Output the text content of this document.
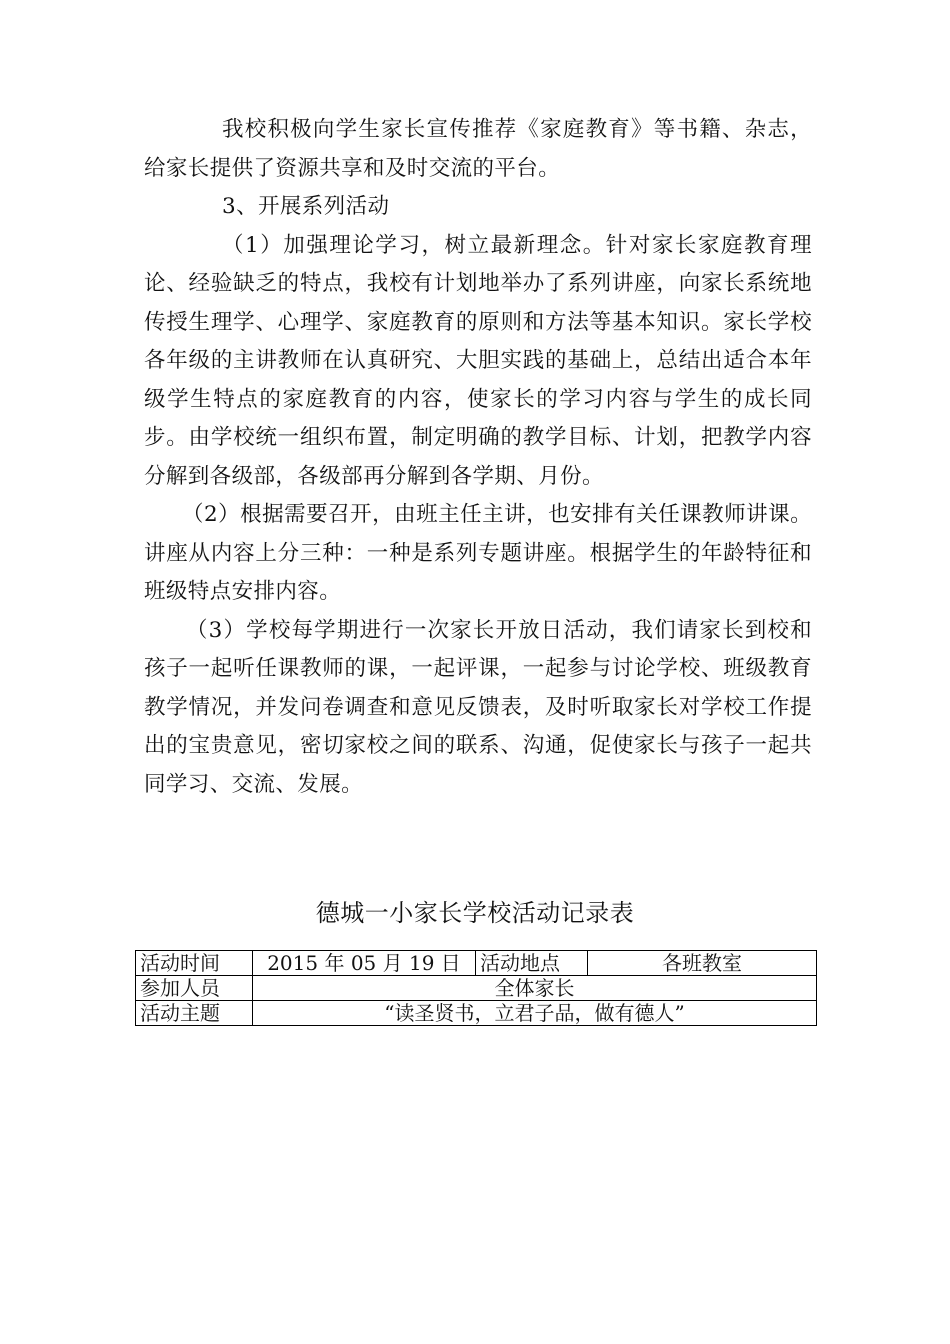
我校积极向学生家长宣传推荐《家庭教育》等书籍、杂志，给家长提供了资源共享和及时交流的平台。

3、开展系列活动

（1）加强理论学习，树立最新理念。针对家长家庭教育理论、经验缺乏的特点，我校有计划地举办了系列讲座，向家长系统地传授生理学、心理学、家庭教育的原则和方法等基本知识。家长学校各年级的主讲教师在认真研究、大胆实践的基础上，总结出适合本年级学生特点的家庭教育的内容，使家长的学习内容与学生的成长同步。由学校统一组织布置，制定明确的教学目标、计划，把教学内容分解到各级部，各级部再分解到各学期、月份。

（2）根据需要召开，由班主任主讲，也安排有关任课教师讲课。讲座从内容上分三种：一种是系列专题讲座。根据学生的年龄特征和班级特点安排内容。

（3）学校每学期进行一次家长开放日活动，我们请家长到校和孩子一起听任课教师的课，一起评课，一起参与讨论学校、班级教育教学情况，并发问卷调查和意见反馈表，及时听取家长对学校工作提出的宝贵意见，密切家校之间的联系、沟通，促使家长与孩子一起共同学习、交流、发展。

德城一小家长学校活动记录表
活动时间	2015 年 05 月 19 日	活动地点	各班教室
参加人员	全体家长		
活动主题	“读圣贤书，立君子品，做有德人”		
